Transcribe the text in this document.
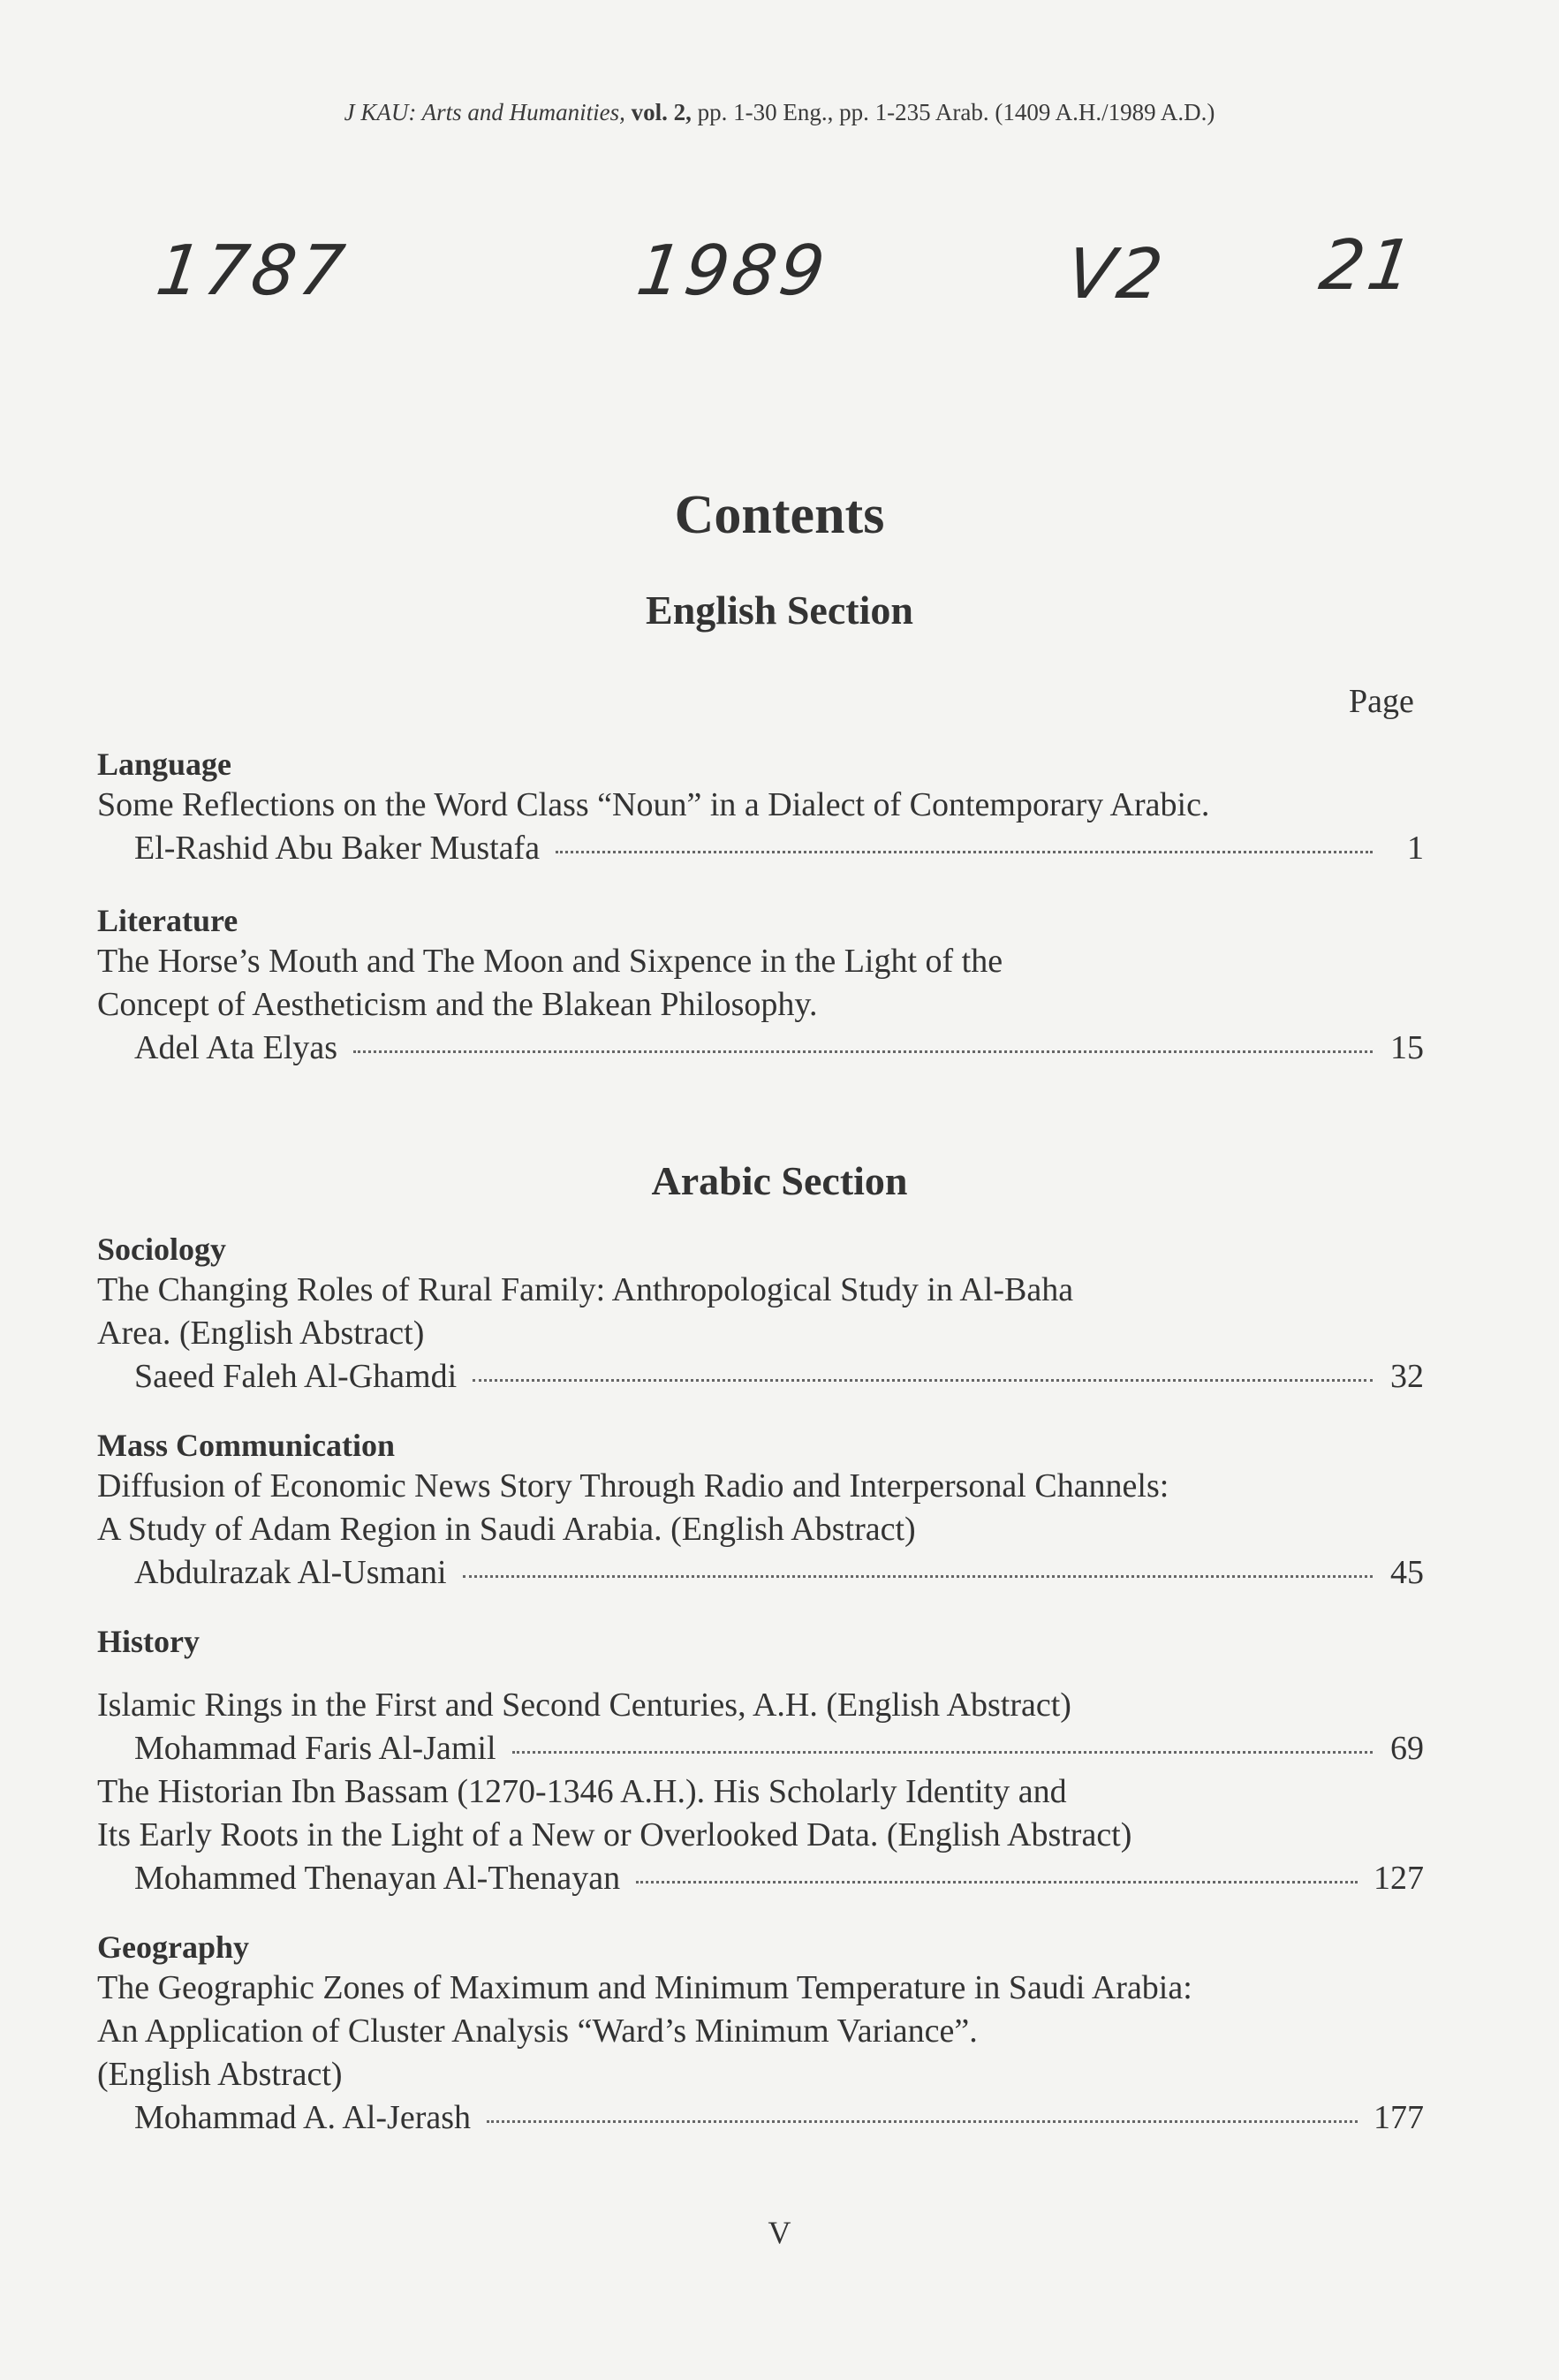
J KAU: Arts and Humanities, vol. 2, pp. 1-30 Eng., pp. 1-235 Arab. (1409 A.H./1989 A.D.)
1787	1989	V2 21
Contents
English Section
Page
Language
Some Reflections on the Word Class “Noun” in a Dialect of Contemporary Arabic.
El-Rashid Abu Baker Mustafa	1
Literature
The Horse’s Mouth and The Moon and Sixpence in the Light of the
Concept of Aestheticism and the Blakean Philosophy.
Adel Ata Elyas	15
Arabic Section
Sociology
The Changing Roles of Rural Family: Anthropological Study in Al-Baha
Area. (English Abstract)
Saeed Faleh Al-Ghamdi	32
Mass Communication
Diffusion of Economic News Story Through Radio and Interpersonal Channels:
A Study of Adam Region in Saudi Arabia. (English Abstract)
Abdulrazak Al-Usmani	45
History
Islamic Rings in the First and Second Centuries, A.H. (English Abstract)
Mohammad Faris Al-Jamil	69
The Historian Ibn Bassam (1270-1346 A.H.). His Scholarly Identity and
Its Early Roots in the Light of a New or Overlooked Data. (English Abstract)
Mohammed Thenayan Al-Thenayan	127
Geography
The Geographic Zones of Maximum and Minimum Temperature in Saudi Arabia:
An Application of Cluster Analysis “Ward’s Minimum Variance”.
(English Abstract)
Mohammad A. Al-Jerash	177
V
